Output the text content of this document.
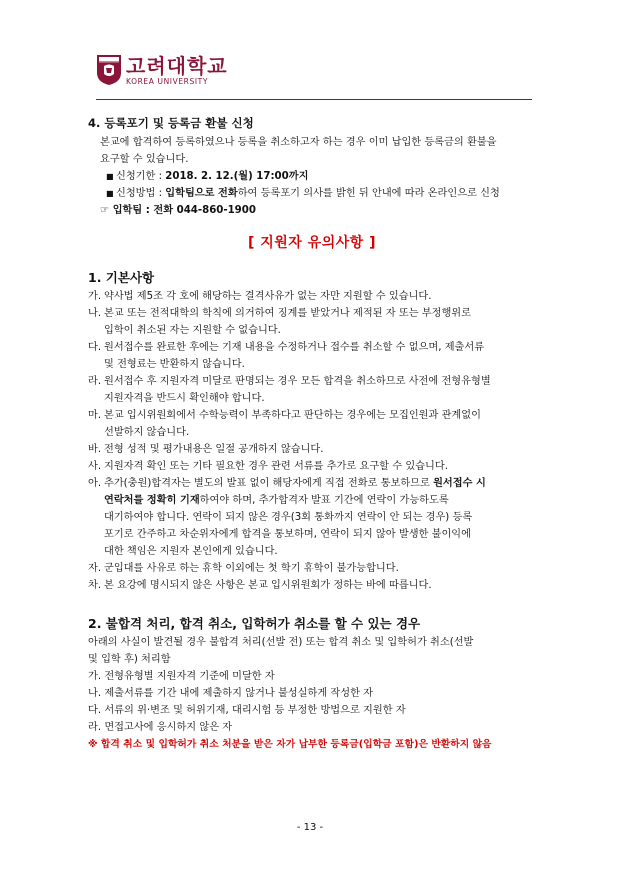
고려대학교
KOREA UNIVERSITY
4. 등록포기 및 등록금 환불 신청

본교에 합격하여 등록하였으나 등록을 취소하고자 하는 경우 이미 납입한 등록금의 환불을

요구할 수 있습니다.

■ 신청기한 : 2018. 2. 12.(월) 17:00까지
■ 신청방법 : 입학팀으로 전화하여 등록포기 의사를 밝힌 뒤 안내에 따라 온라인으로 신청
☞ 입학팀 : 전화 044-860-1900
[ 지원자 유의사항 ]
1. 기본사항
가. 약사법 제5조 각 호에 해당하는 결격사유가 없는 자만 지원할 수 있습니다.
나. 본교 또는 전적대학의 학칙에 의거하여 징계를 받았거나 제적된 자 또는 부정행위로
입학이 취소된 자는 지원할 수 없습니다.
다. 원서접수를 완료한 후에는 기재 내용을 수정하거나 접수를 취소할 수 없으며, 제출서류
및 전형료는 반환하지 않습니다.
라. 원서접수 후 지원자격 미달로 판명되는 경우 모든 합격을 취소하므로 사전에 전형유형별
지원자격을 반드시 확인해야 합니다.
마. 본교 입시위원회에서 수학능력이 부족하다고 판단하는 경우에는 모집인원과 관계없이
선발하지 않습니다.
바. 전형 성적 및 평가내용은 일절 공개하지 않습니다.
사. 지원자격 확인 또는 기타 필요한 경우 관련 서류를 추가로 요구할 수 있습니다.
아. 추가(충원)합격자는 별도의 발표 없이 해당자에게 직접 전화로 통보하므로 원서접수 시
연락처를 정확히 기재하여야 하며, 추가합격자 발표 기간에 연락이 가능하도록
대기하여야 합니다. 연락이 되지 않은 경우(3회 통화까지 연락이 안 되는 경우) 등록
포기로 간주하고 차순위자에게 합격을 통보하며, 연락이 되지 않아 발생한 불이익에
대한 책임은 지원자 본인에게 있습니다.
자. 군입대를 사유로 하는 휴학 이외에는 첫 학기 휴학이 불가능합니다.
차. 본 요강에 명시되지 않은 사항은 본교 입시위원회가 정하는 바에 따릅니다.
2. 불합격 처리, 합격 취소, 입학허가 취소를 할 수 있는 경우

아래의 사실이 발견될 경우 불합격 처리(선발 전) 또는 합격 취소 및 입학허가 취소(선발

및 입학 후) 처리함

가. 전형유형별 지원자격 기준에 미달한 자

나. 제출서류를 기간 내에 제출하지 않거나 불성실하게 작성한 자

다. 서류의 위·변조 및 허위기재, 대리시험 등 부정한 방법으로 지원한 자

라. 면접고사에 응시하지 않은 자

※ 합격 취소 및 입학허가 취소 처분을 받은 자가 납부한 등록금(입학금 포함)은 반환하지 않음

- 13 -
